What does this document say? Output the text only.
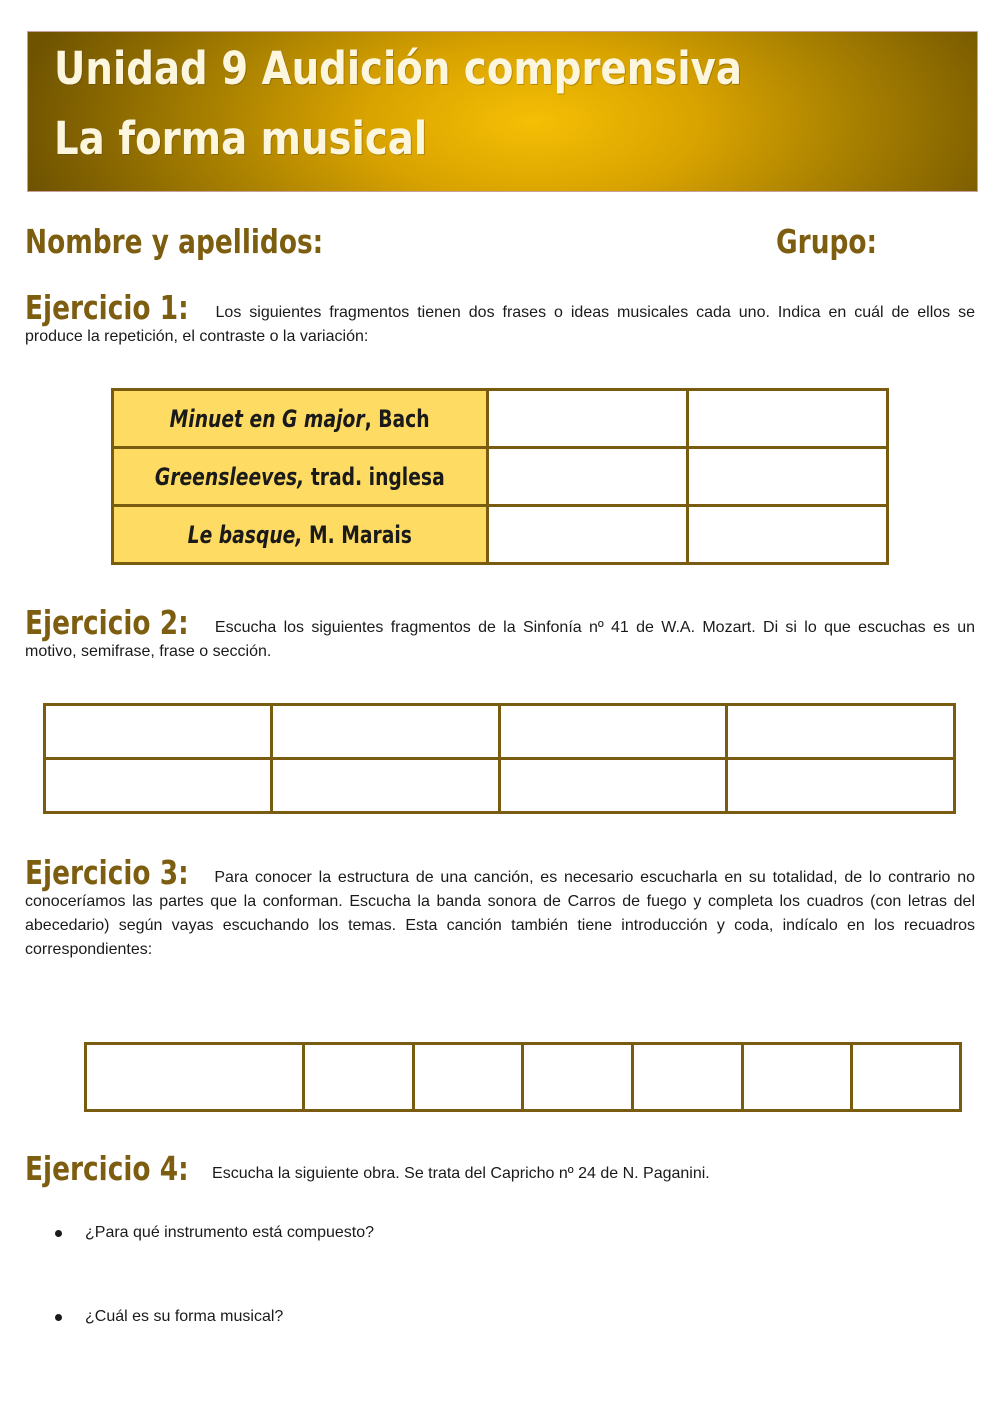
Unidad 9 Audición comprensiva
La forma musical
Nombre y apellidos:	Grupo:
Ejercicio 1: Los siguientes fragmentos tienen dos frases o ideas musicales cada uno. Indica en cuál de ellos se produce la repetición, el contraste o la variación:
Minuet en G major, Bach		
Greensleeves, trad. inglesa		
Le basque, M. Marais		
Ejercicio 2: Escucha los siguientes fragmentos de la Sinfonía nº 41 de W.A. Mozart. Di si lo que escuchas es un motivo, semifrase, frase o sección.

Ejercicio 3: Para conocer la estructura de una canción, es necesario escucharla en su totalidad, de lo contrario no conoceríamos las partes que la conforman. Escucha la banda sonora de Carros de fuego y completa los cuadros (con letras del abecedario) según vayas escuchando los temas. Esta canción también tiene introducción y coda, indícalo en los recuadros correspondientes:

Ejercicio 4: Escucha la siguiente obra. Se trata del Capricho nº 24 de N. Paganini.
¿Para qué instrumento está compuesto?
¿Cuál es su forma musical?
